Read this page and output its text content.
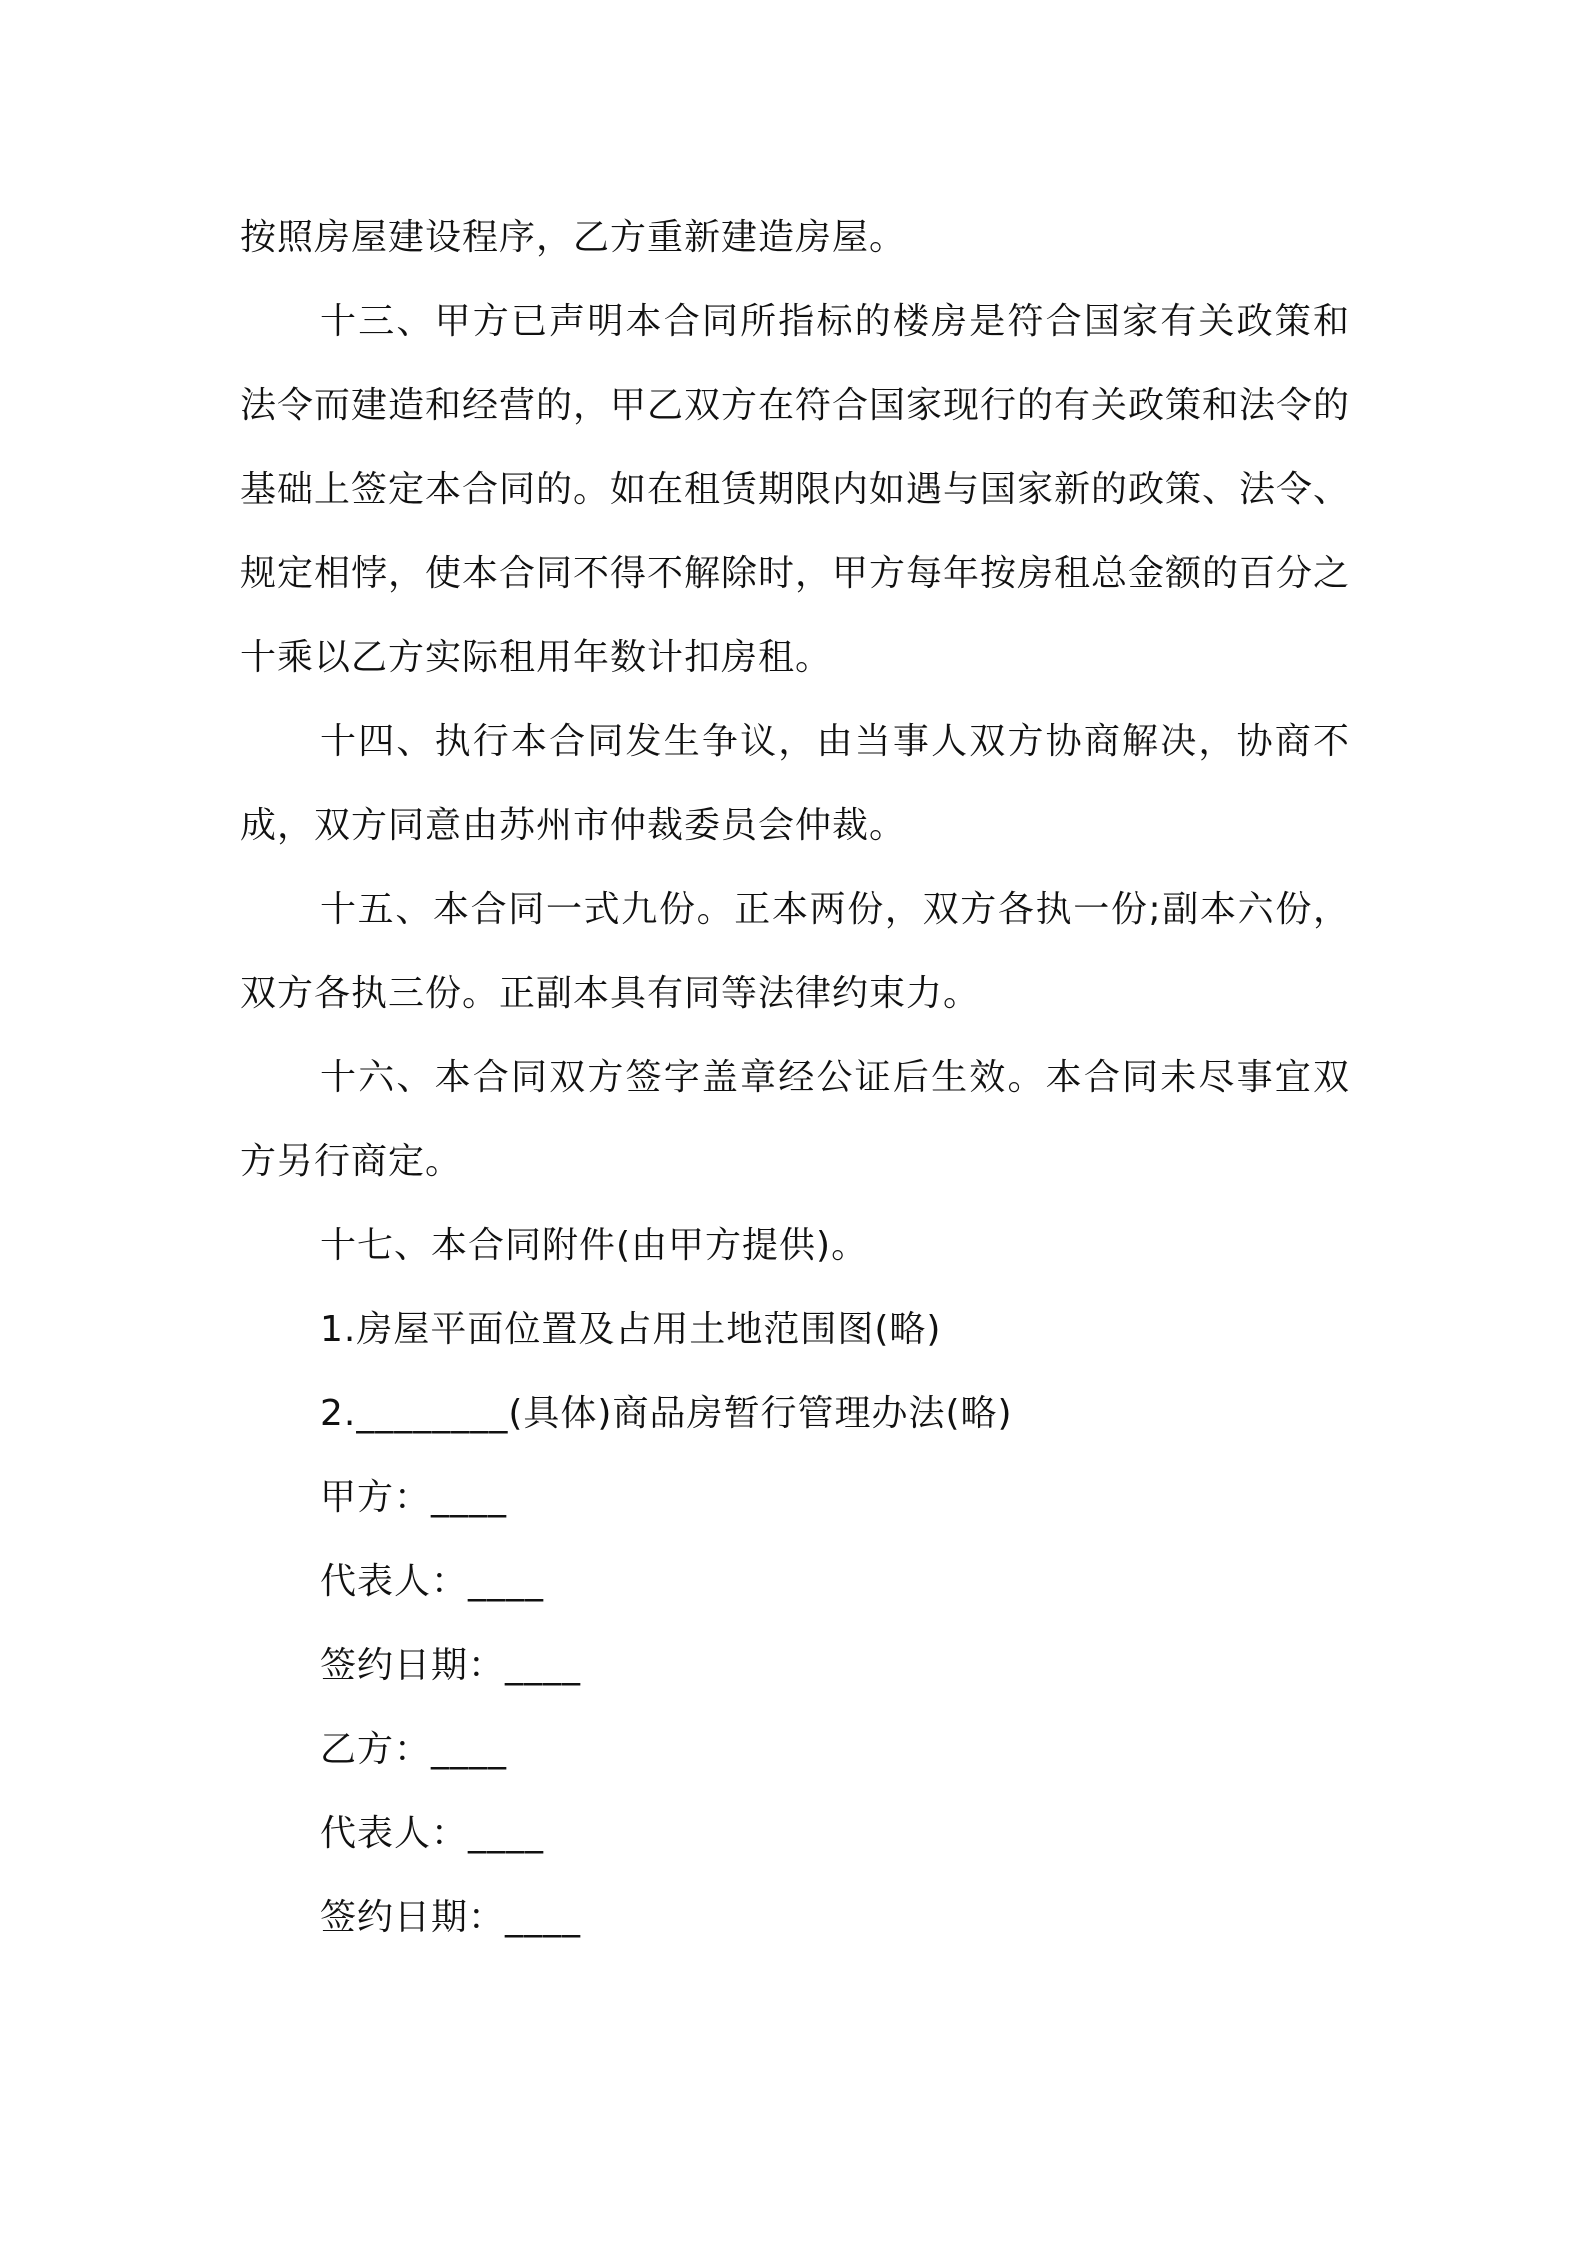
按照房屋建设程序，乙方重新建造房屋。

十三、甲方已声明本合同所指标的楼房是符合国家有关政策和法令而建造和经营的，甲乙双方在符合国家现行的有关政策和法令的基础上签定本合同的。如在租赁期限内如遇与国家新的政策、法令、规定相悖，使本合同不得不解除时，甲方每年按房租总金额的百分之十乘以乙方实际租用年数计扣房租。

十四、执行本合同发生争议，由当事人双方协商解决，协商不成，双方同意由苏州市仲裁委员会仲裁。

十五、本合同一式九份。正本两份，双方各执一份;副本六份，双方各执三份。正副本具有同等法律约束力。

十六、本合同双方签字盖章经公证后生效。本合同未尽事宜双方另行商定。

十七、本合同附件(由甲方提供)。

1.房屋平面位置及占用土地范围图(略)

2.________(具体)商品房暂行管理办法(略)

甲方：____

代表人：____

签约日期：____

乙方：____

代表人：____

签约日期：____
